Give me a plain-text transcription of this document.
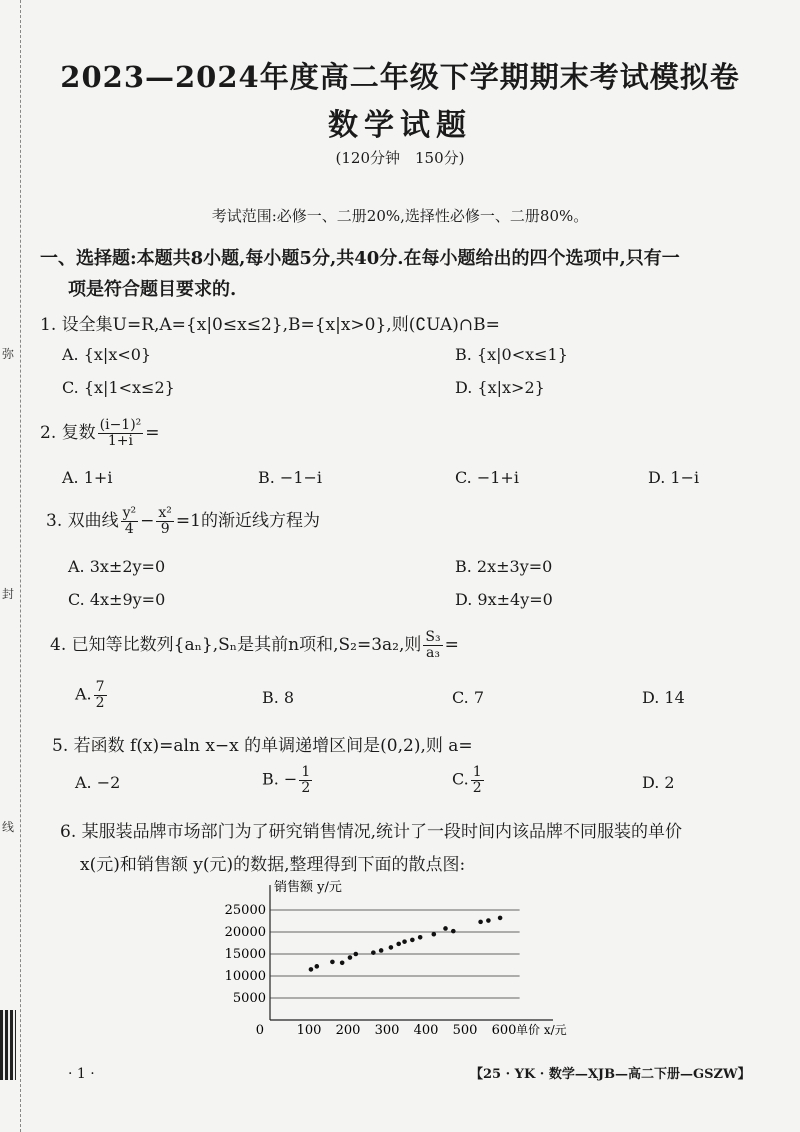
弥
封
线
2023—2024年度高二年级下学期期末考试模拟卷
数学试题
(120分钟　150分)
考试范围:必修一、二册20%,选择性必修一、二册80%。
一、选择题:本题共8小题,每小题5分,共40分.在每小题给出的四个选项中,只有一
项是符合题目要求的.
1. 设全集U=R,A={x|0≤x≤2},B={x|x>0},则(∁UA)∩B=
A. {x|x<0}	B. {x|0<x≤1}
C. {x|1<x≤2}	D. {x|x>2}
2. 复数 $\frac{\text{(i−1)²}}{1+i}$ =
A. 1+i	B. −1−i	C. −1+i	D. 1−i
3. 双曲线 $\frac{\text{y²}}{4} - \frac{\text{x²}}{9} =1$的渐近线方程为
A. 3x±2y=0	B. 2x±3y=0
C. 4x±9y=0	D. 9x±4y=0
4. 已知等比数列{aₙ},Sₙ是其前n项和,S₂=3a₂,则 $\frac{\text{S₃}}{\text{a₃}}$ =
A. $\frac{7}{2}$	B. 8	C. 7	D. 14
5. 若函数 f(x)=aln x−x 的单调递增区间是(0,2),则 a=
A. −2	B. − $\frac{1}{2}$	C. $\frac{1}{2}$	D. 2
6. 某服装品牌市场部门为了研究销售情况,统计了一段时间内该品牌不同服装的单价
x(元)和销售额 y(元)的数据,整理得到下面的散点图:
5000
10000
15000
20000
25000
100 200 300 400 500 600
0
销售额 y/元
单价 x/元
· 1 ·	【25 · YK · 数学—XJB—高二下册—GSZW】
